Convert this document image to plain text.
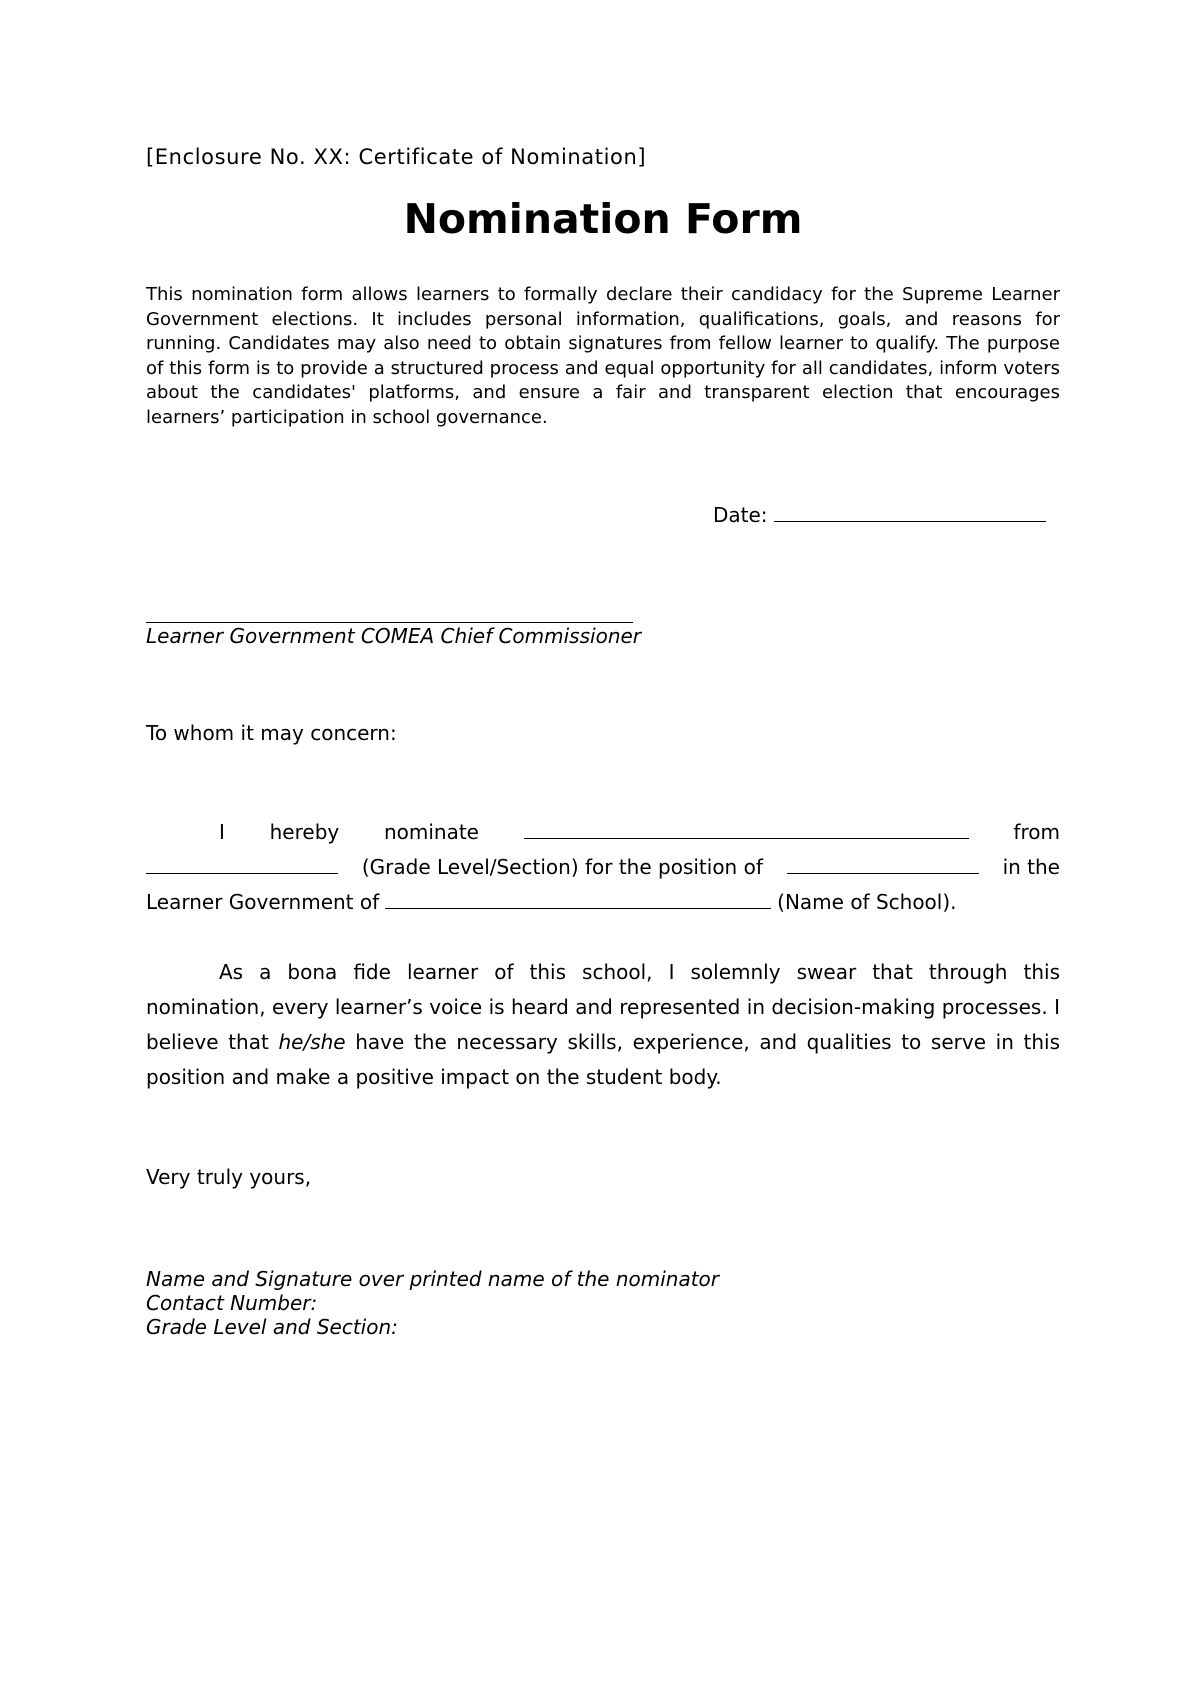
[Enclosure No. XX: Certificate of Nomination]
Nomination Form
This nomination form allows learners to formally declare their candidacy for the Supreme Learner Government elections. It includes personal information, qualifications, goals, and reasons for running. Candidates may also need to obtain signatures from fellow learner to qualify. The purpose of this form is to provide a structured process and equal opportunity for all candidates, inform voters about the candidates' platforms, and ensure a fair and transparent election that encourages learners’ participation in school governance.
Date:
Learner Government COMEA Chief Commissioner
To whom it may concern:
I hereby nominate	from
(Grade Level/Section) for the position of	in the
Learner Government of	(Name of School).
As a bona fide learner of this school, I solemnly swear that through this nomination, every learner’s voice is heard and represented in decision-making processes. I believe that he/she have the necessary skills, experience, and qualities to serve in this position and make a positive impact on the student body.
Very truly yours,
Name and Signature over printed name of the nominator
Contact Number:
Grade Level and Section:
